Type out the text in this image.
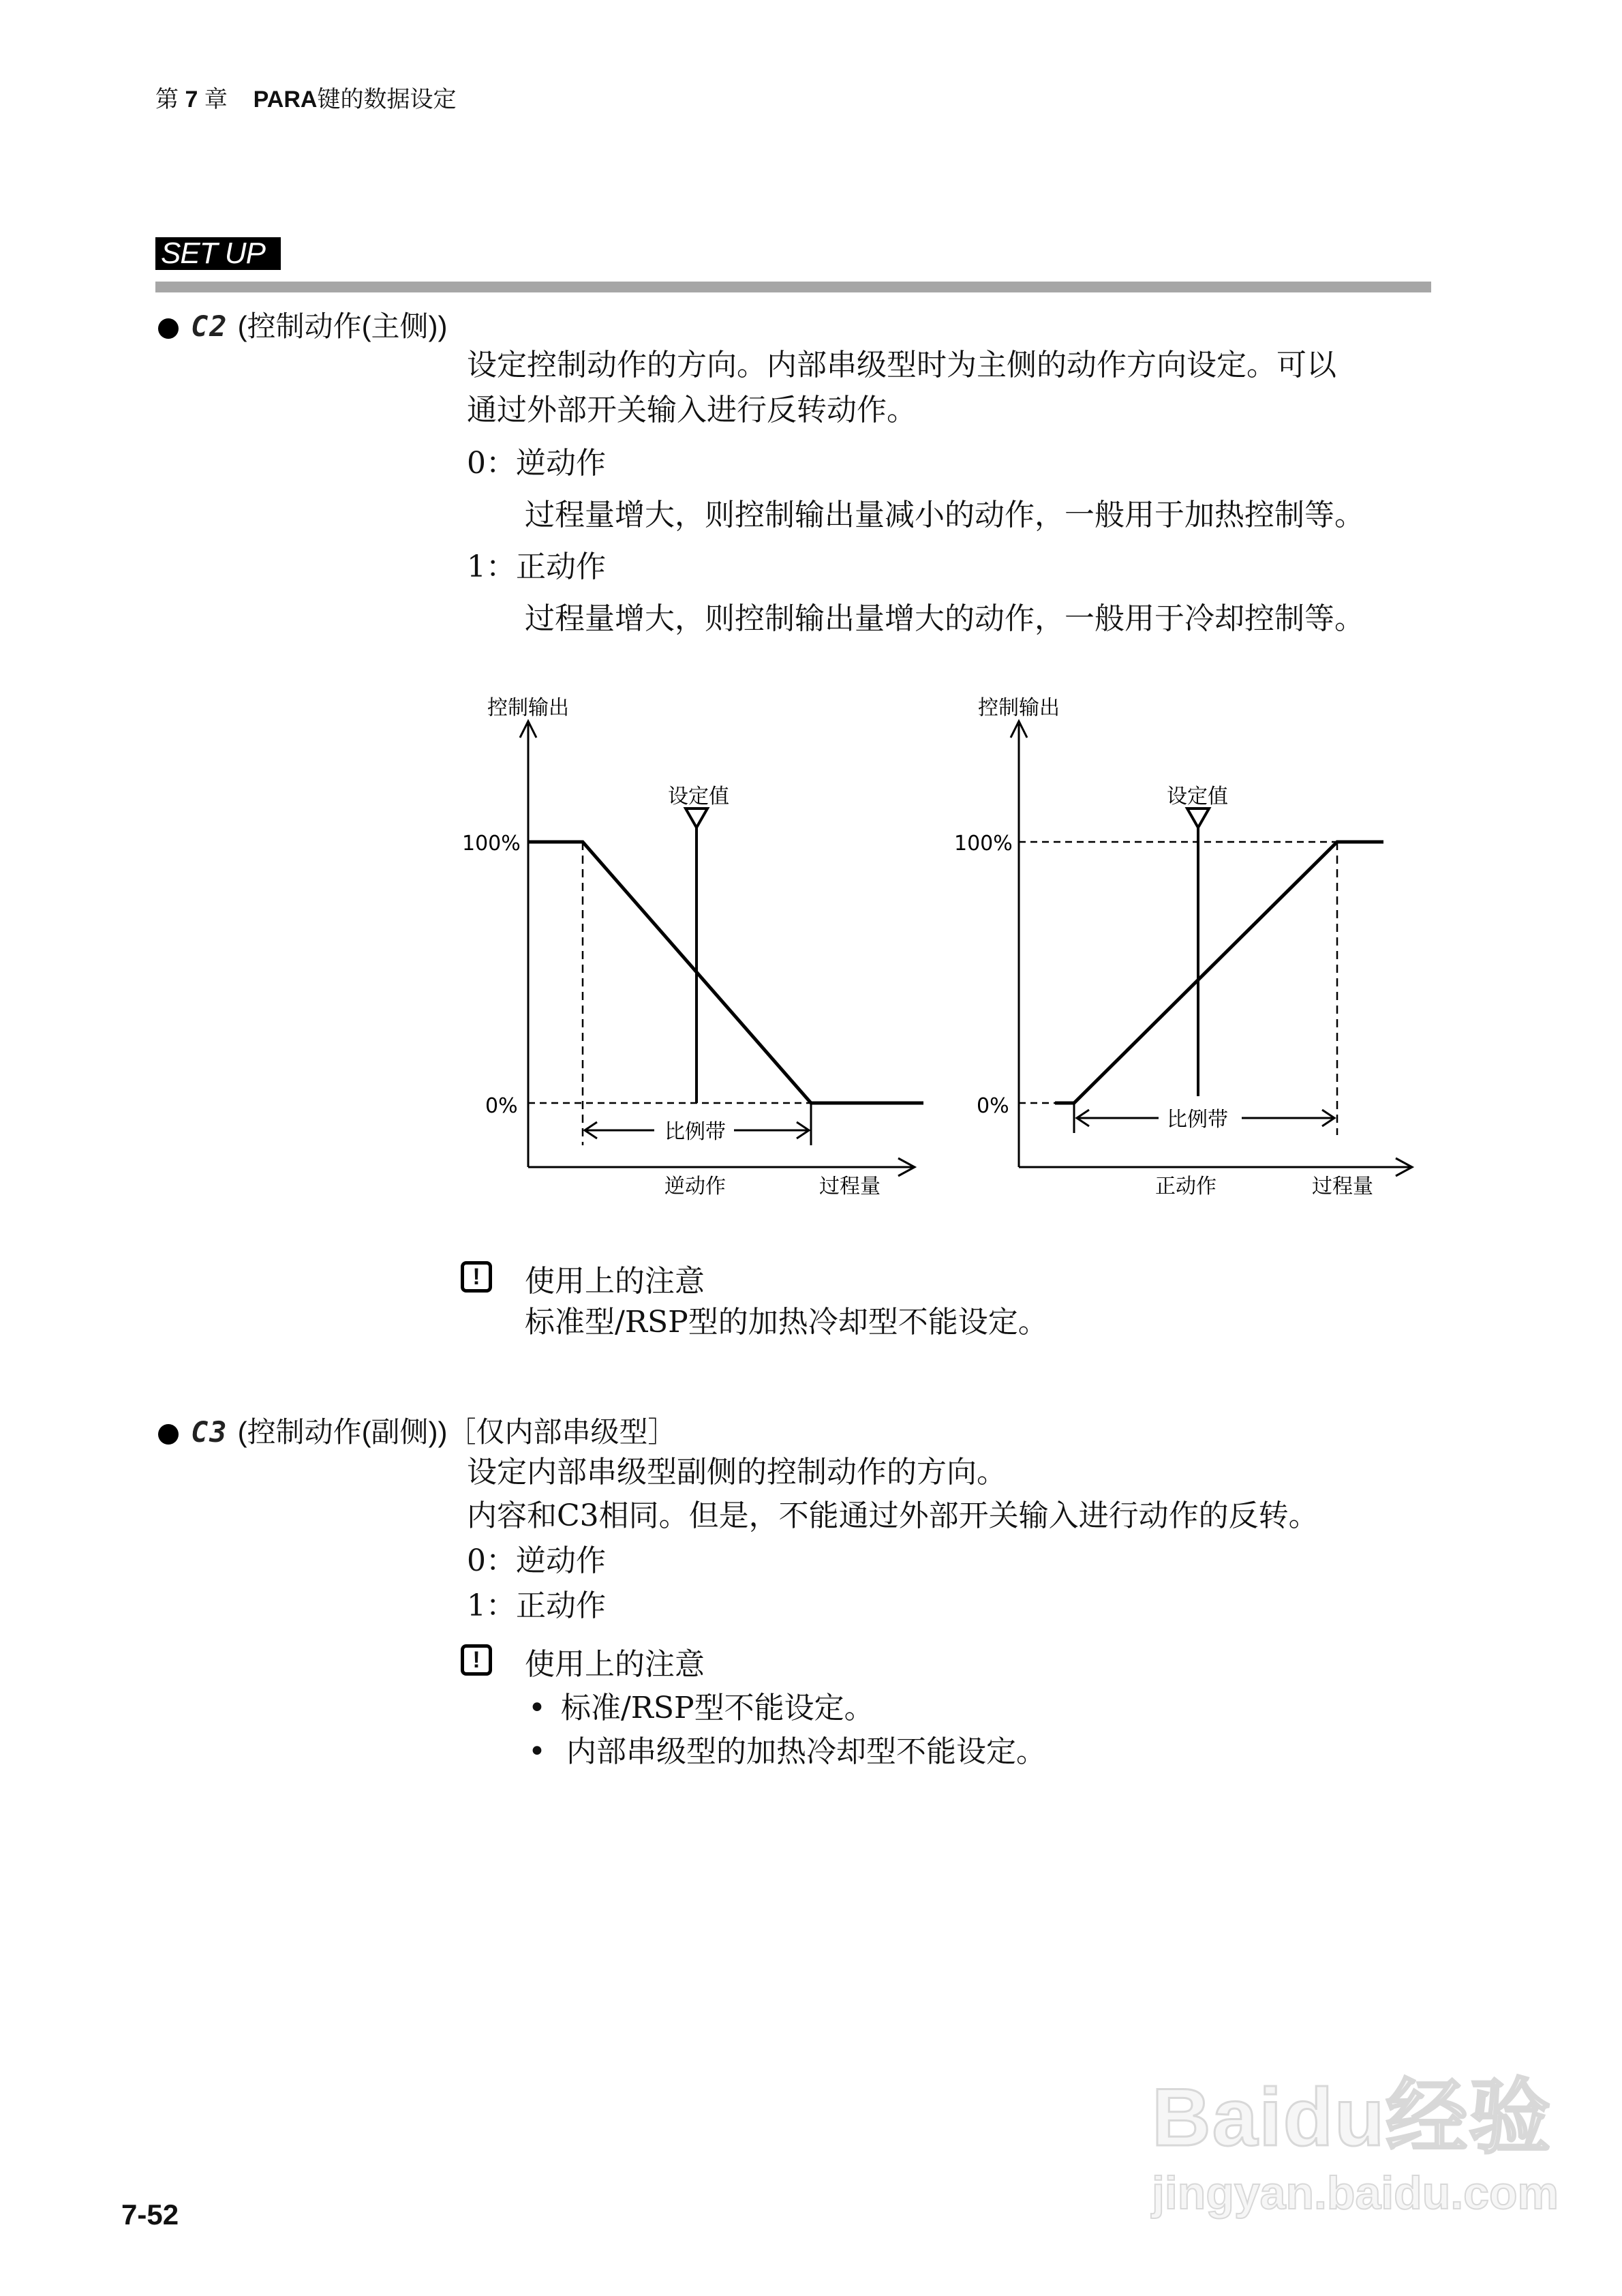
第 7 章 PARA键的数据设定
SET UP
C2 (控制动作(主侧))
设定控制动作的方向。内部串级型时为主侧的动作方向设定。可以
通过外部开关输入进行反转动作。
0：逆动作
过程量增大，则控制输出量减小的动作，一般用于加热控制等。
1：正动作
过程量增大，则控制输出量增大的动作，一般用于冷却控制等。
控制输出
100%
0%
设定值
比例带
逆动作	过程量
控制输出
100%
0%
设定值
比例带
正动作	过程量
!	使用上的注意
标准型/RSP型的加热冷却型不能设定。
C3 (控制动作(副侧))［仅内部串级型］
设定内部串级型副侧的控制动作的方向。
内容和C3相同。但是，不能通过外部开关输入进行动作的反转。
0：逆动作
1：正动作
!	使用上的注意
• 标准/RSP型不能设定。
• 内部串级型的加热冷却型不能设定。
7-52
Baidu经验
jingyan.baidu.com
